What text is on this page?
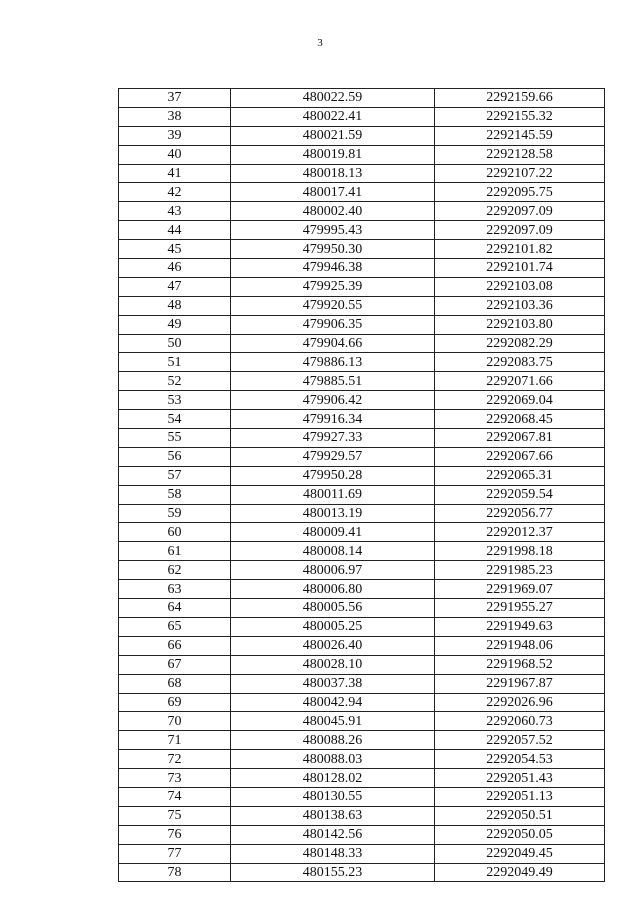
3
37	480022.59	2292159.66
38	480022.41	2292155.32
39	480021.59	2292145.59
40	480019.81	2292128.58
41	480018.13	2292107.22
42	480017.41	2292095.75
43	480002.40	2292097.09
44	479995.43	2292097.09
45	479950.30	2292101.82
46	479946.38	2292101.74
47	479925.39	2292103.08
48	479920.55	2292103.36
49	479906.35	2292103.80
50	479904.66	2292082.29
51	479886.13	2292083.75
52	479885.51	2292071.66
53	479906.42	2292069.04
54	479916.34	2292068.45
55	479927.33	2292067.81
56	479929.57	2292067.66
57	479950.28	2292065.31
58	480011.69	2292059.54
59	480013.19	2292056.77
60	480009.41	2292012.37
61	480008.14	2291998.18
62	480006.97	2291985.23
63	480006.80	2291969.07
64	480005.56	2291955.27
65	480005.25	2291949.63
66	480026.40	2291948.06
67	480028.10	2291968.52
68	480037.38	2291967.87
69	480042.94	2292026.96
70	480045.91	2292060.73
71	480088.26	2292057.52
72	480088.03	2292054.53
73	480128.02	2292051.43
74	480130.55	2292051.13
75	480138.63	2292050.51
76	480142.56	2292050.05
77	480148.33	2292049.45
78	480155.23	2292049.49
